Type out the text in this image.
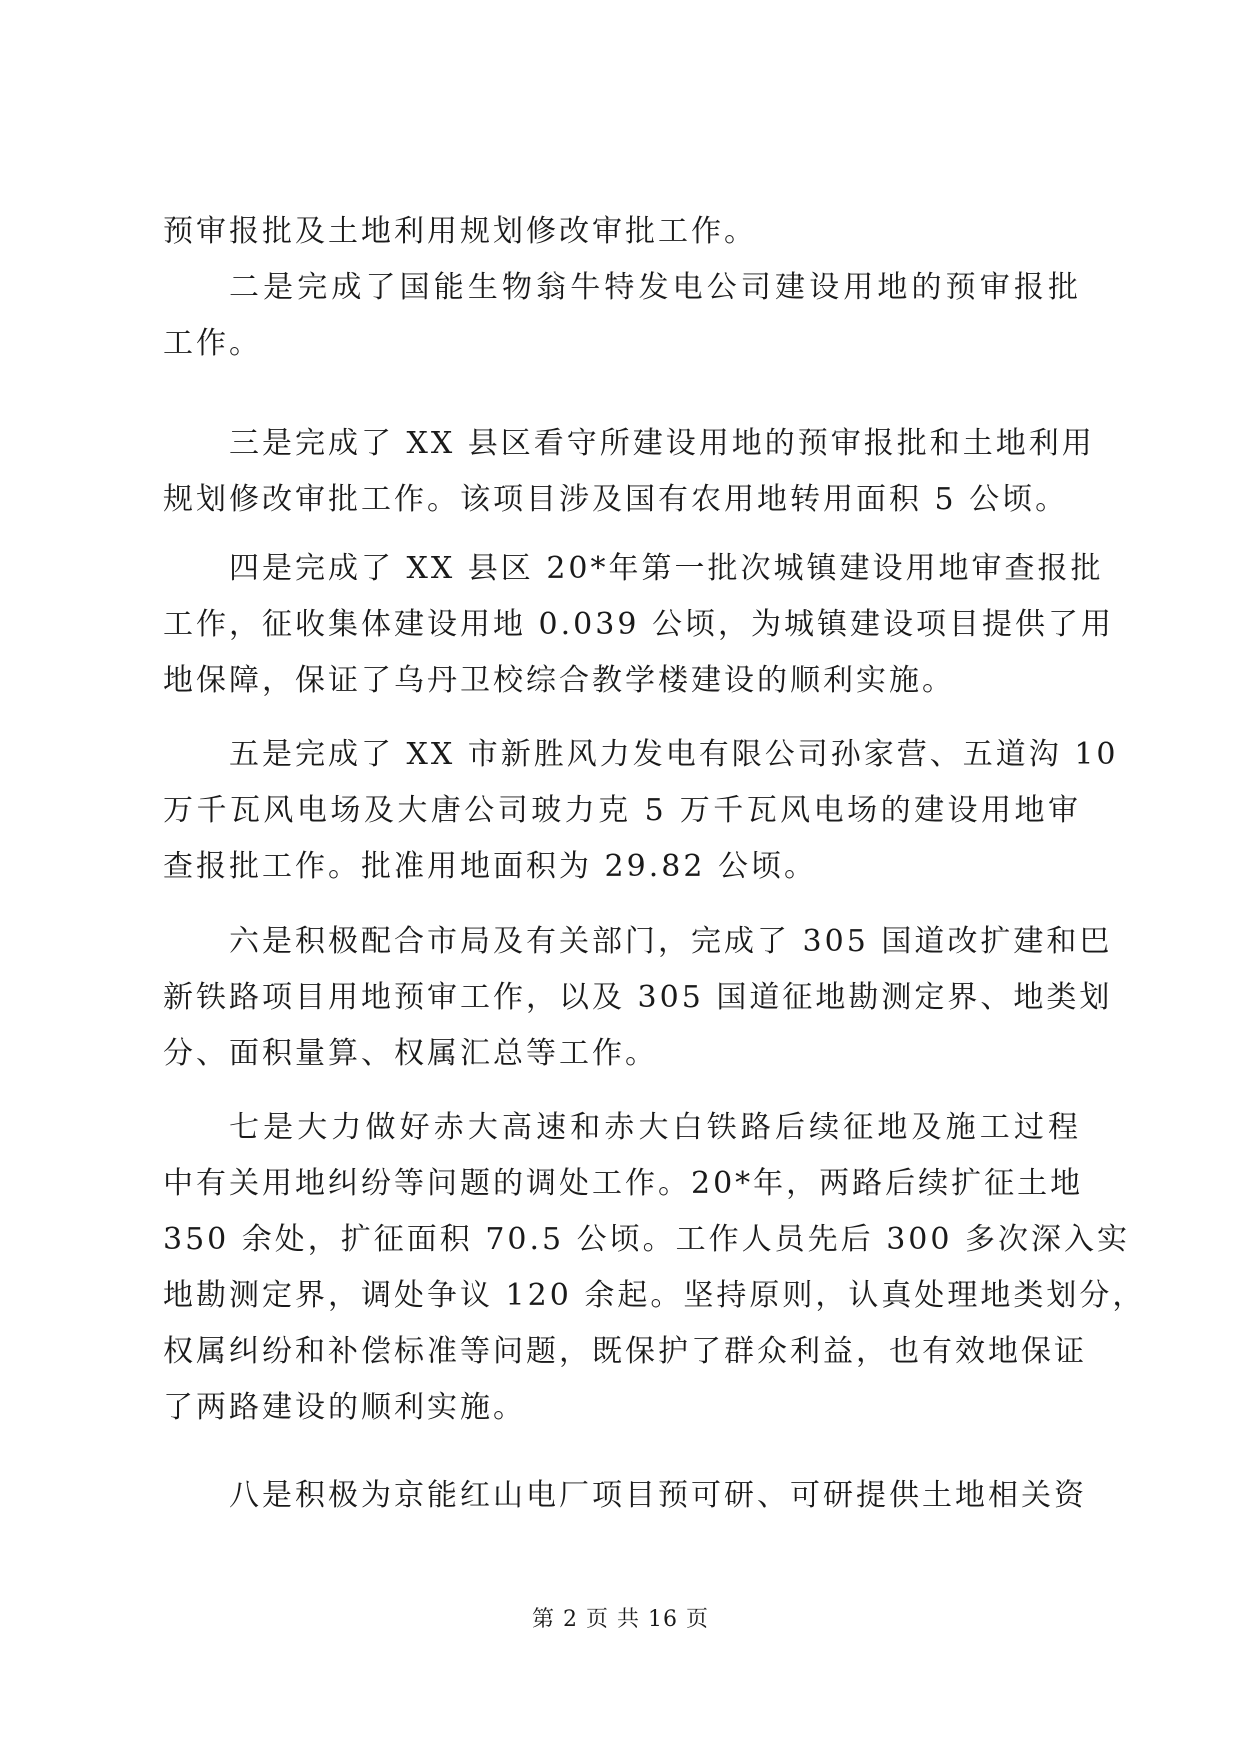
预审报批及土地利用规划修改审批工作。
二是完成了国能生物翁牛特发电公司建设用地的预审报批
工作。
三是完成了 XX 县区看守所建设用地的预审报批和土地利用
规划修改审批工作。该项目涉及国有农用地转用面积 5 公顷。
四是完成了 XX 县区 20*年第一批次城镇建设用地审查报批
工作，征收集体建设用地 0.039 公顷，为城镇建设项目提供了用
地保障，保证了乌丹卫校综合教学楼建设的顺利实施。
五是完成了 XX 市新胜风力发电有限公司孙家营、五道沟 10
万千瓦风电场及大唐公司玻力克 5 万千瓦风电场的建设用地审
查报批工作。批准用地面积为 29.82 公顷。
六是积极配合市局及有关部门，完成了 305 国道改扩建和巴
新铁路项目用地预审工作，以及 305 国道征地勘测定界、地类划
分、面积量算、权属汇总等工作。
七是大力做好赤大高速和赤大白铁路后续征地及施工过程
中有关用地纠纷等问题的调处工作。20*年，两路后续扩征土地
350 余处，扩征面积 70.5 公顷。工作人员先后 300 多次深入实
地勘测定界，调处争议 120 余起。坚持原则，认真处理地类划分，
权属纠纷和补偿标准等问题，既保护了群众利益，也有效地保证
了两路建设的顺利实施。
八是积极为京能红山电厂项目预可研、可研提供土地相关资
第 2 页 共 16 页
